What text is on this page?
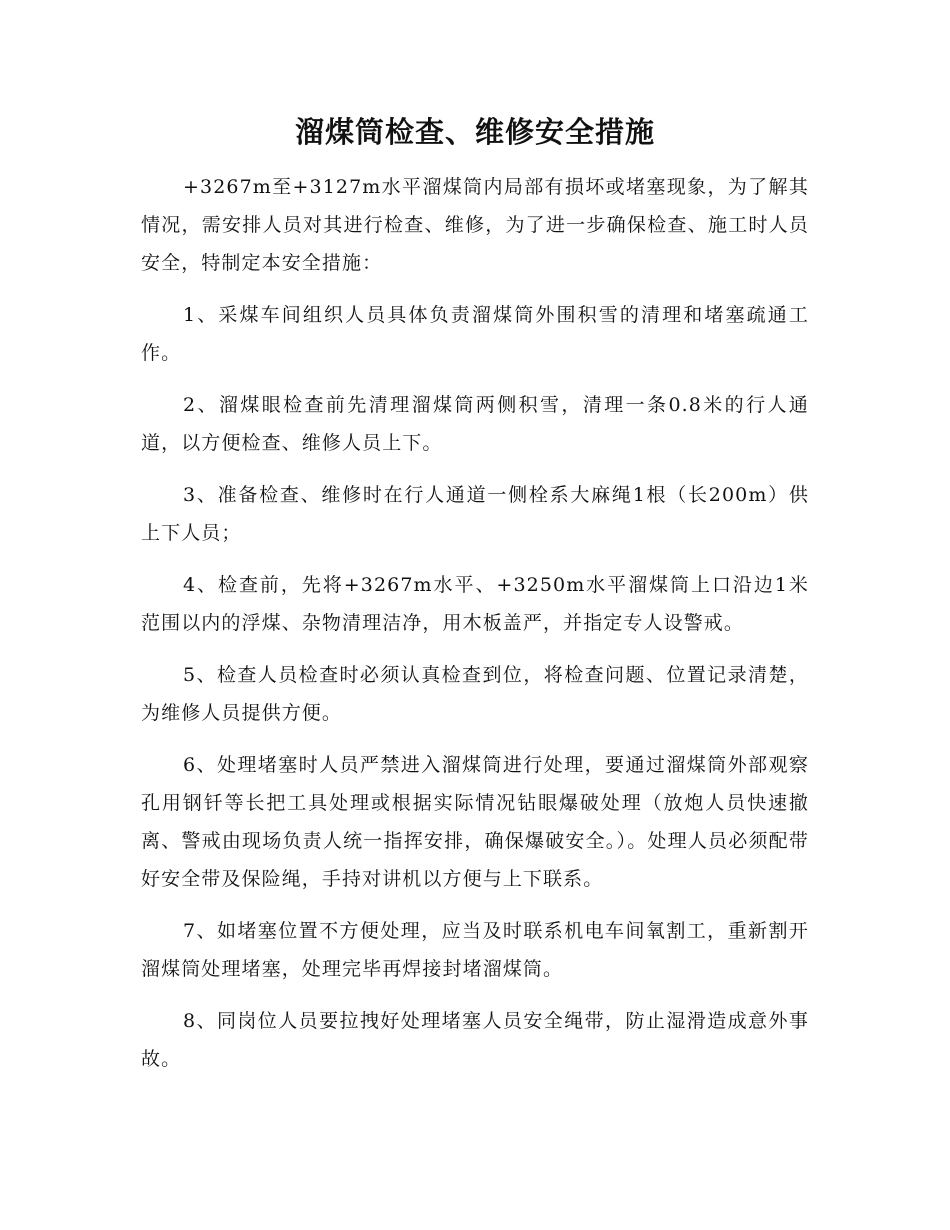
溜煤筒检查、维修安全措施

+3267m至+3127m水平溜煤筒内局部有损坏或堵塞现象，为了解其情况，需安排人员对其进行检查、维修，为了进一步确保检查、施工时人员安全，特制定本安全措施：

1、采煤车间组织人员具体负责溜煤筒外围积雪的清理和堵塞疏通工作。

2、溜煤眼检查前先清理溜煤筒两侧积雪，清理一条0.8米的行人通道，以方便检查、维修人员上下。

3、准备检查、维修时在行人通道一侧栓系大麻绳1根（长200m）供上下人员；

4、检查前，先将+3267m水平、+3250m水平溜煤筒上口沿边1米范围以内的浮煤、杂物清理洁净，用木板盖严，并指定专人设警戒。

5、检查人员检查时必须认真检查到位，将检查问题、位置记录清楚，为维修人员提供方便。

6、处理堵塞时人员严禁进入溜煤筒进行处理，要通过溜煤筒外部观察孔用钢钎等长把工具处理或根据实际情况钻眼爆破处理（放炮人员快速撤离、警戒由现场负责人统一指挥安排，确保爆破安全。）。处理人员必须配带好安全带及保险绳，手持对讲机以方便与上下联系。

7、如堵塞位置不方便处理，应当及时联系机电车间氧割工，重新割开溜煤筒处理堵塞，处理完毕再焊接封堵溜煤筒。

8、同岗位人员要拉拽好处理堵塞人员安全绳带，防止湿滑造成意外事故。
